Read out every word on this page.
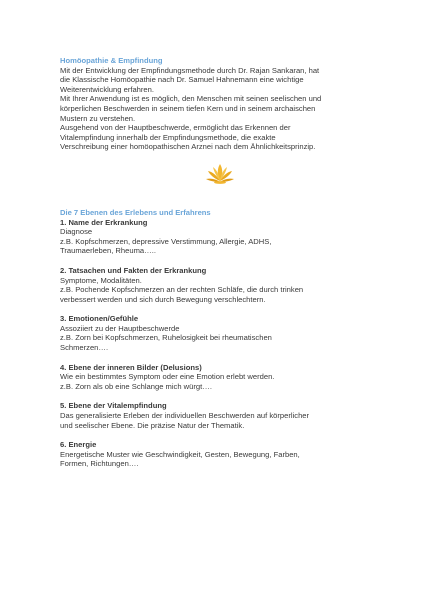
Homöopathie & Empfindung

Mit der Entwicklung der Empfindungsmethode durch Dr. Rajan Sankaran, hat
die Klassische Homöopathie nach Dr. Samuel Hahnemann eine wichtige
Weiterentwicklung erfahren.
Mit Ihrer Anwendung ist es möglich, den Menschen mit seinen seelischen und
körperlichen Beschwerden in seinem tiefen Kern und in seinem archaischen
Mustern zu verstehen.
Ausgehend von der Hauptbeschwerde, ermöglicht das Erkennen der
Vitalempfindung innerhalb der Empfindungsmethode, die exakte
Verschreibung einer homöopathischen Arznei nach dem Ähnlichkeitsprinzip.

Die 7 Ebenen des Erlebens und Erfahrens

1. Name der Erkrankung

Diagnose
z.B. Kopfschmerzen, depressive Verstimmung, Allergie, ADHS,
Traumaerleben, Rheuma…..

2. Tatsachen und Fakten der Erkrankung

Symptome, Modalitäten.
z.B. Pochende Kopfschmerzen an der rechten Schläfe, die durch trinken
verbessert werden und sich durch Bewegung verschlechtern.

3. Emotionen/Gefühle

Assoziiert zu der Hauptbeschwerde
z.B. Zorn bei Kopfschmerzen, Ruhelosigkeit bei rheumatischen
Schmerzen….

4. Ebene der inneren Bilder (Delusions)

Wie ein bestimmtes Symptom oder eine Emotion erlebt werden.
z.B. Zorn als ob eine Schlange mich würgt….

5. Ebene der Vitalempfindung

Das generalisierte Erleben der individuellen Beschwerden auf körperlicher
und seelischer Ebene. Die präzise Natur der Thematik.

6. Energie

Energetische Muster wie Geschwindigkeit, Gesten, Bewegung, Farben,
Formen, Richtungen….
